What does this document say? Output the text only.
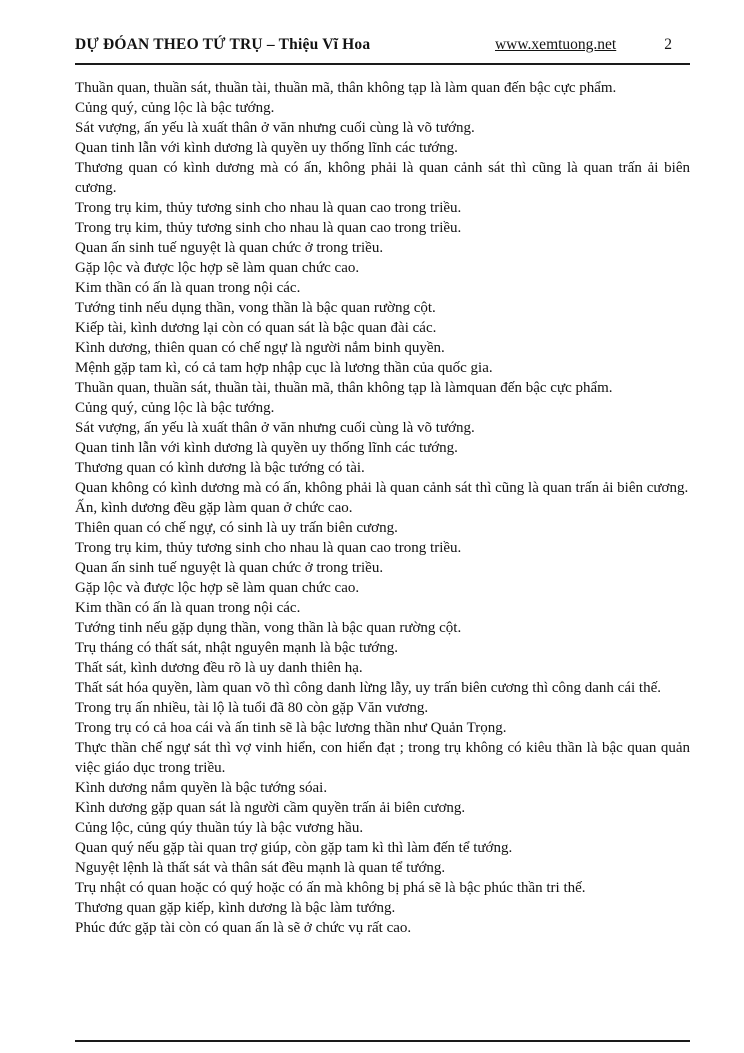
DỰ ĐÓAN THEO TỨ TRỤ – Thiệu Vĩ Hoa	www.xemtuong.net	2

Thuần quan, thuần sát, thuần tài, thuần mã, thân không tạp là làm quan đến bậc cực phẩm.

Củng quý, củng lộc là bậc tướng.

Sát vượng, ấn yếu là xuất thân ở văn nhưng cuối cùng là võ tướng.

Quan tinh lẫn với kình dương là quyền uy thống lĩnh các tướng.

Thương quan có kình dương mà có ấn, không phải là quan cảnh sát thì cũng là quan trấn ải biên cương.

Trong trụ kim, thủy tương sinh cho nhau là quan cao trong triều.

Trong trụ kim, thủy tương sinh cho nhau là quan cao trong triều.

Quan ấn sinh tuế nguyệt là quan chức ở trong triều.

Gặp lộc và được lộc hợp sẽ làm quan chức cao.

Kim thần có ấn là quan trong nội các.

Tướng tinh nếu dụng thần, vong thần là bậc quan rường cột.

Kiếp tài, kình dương lại còn có quan sát là bậc quan đài các.

Kình dương, thiên quan có chế ngự là người nắm binh quyền.

Mệnh gặp tam kì, có cả tam hợp nhập cục là lương thần của quốc gia.

Thuần quan, thuần sát, thuần tài, thuần mã, thân không tạp là làmquan đến bậc cực phẩm.

Củng quý, củng lộc là bậc tướng.

Sát vượng, ấn yếu là xuất thân ở văn nhưng cuối cùng là võ tướng.

Quan tinh lẫn với kình dương là quyền uy thống lĩnh các tướng.

Thương quan có kình dương là bậc tướng có tài.

Quan không có kình dương mà có ấn, không phải là quan cảnh sát thì cũng là quan trấn ải biên cương.

Ấn, kình dương đều gặp làm quan ở chức cao.

Thiên quan có chế ngự, có sinh là uy trấn biên cương.

Trong trụ kim, thủy tương sinh cho nhau là quan cao trong triều.

Quan ấn sinh tuế nguyệt là quan chức ở trong triều.

Gặp lộc và được lộc hợp sẽ làm quan chức cao.

Kim thần có ấn là quan trong nội các.

Tướng tinh nếu gặp dụng thần, vong thần là bậc quan rường cột.

Trụ tháng có thất sát, nhật nguyên mạnh là bậc tướng.

Thất sát, kình dương đều rõ là uy danh thiên hạ.

Thất sát hóa quyền, làm quan võ thì công danh lừng lẫy, uy trấn biên cương thì công danh cái thế.

Trong trụ ấn nhiều, tài lộ là tuổi đã 80 còn gặp Văn vương.

Trong trụ có cả hoa cái và ấn tinh sẽ là bậc lương thần như Quản Trọng.

Thực thần chế ngự sát thì vợ vinh hiển, con hiển đạt ; trong trụ không có kiêu thần là bậc quan quản việc giáo dục trong triều.

Kình dương nắm quyền là bậc tướng sóai.

Kình dương gặp quan sát là người cầm quyền trấn ải biên cương.

Củng lộc, củng qúy thuần túy là bậc vương hầu.

Quan quý nếu gặp tài quan trợ giúp, còn gặp tam kì thì làm đến tể tướng.

Nguyệt lệnh là thất sát và thân sát đều mạnh là quan tể tướng.

Trụ nhật có quan hoặc có quý hoặc có ấn mà không bị phá sẽ là bậc phúc thần tri thế.

Thương quan gặp kiếp, kình dương là bậc làm tướng.

Phúc đức gặp tài còn có quan ấn là sẽ ở chức vụ rất cao.
